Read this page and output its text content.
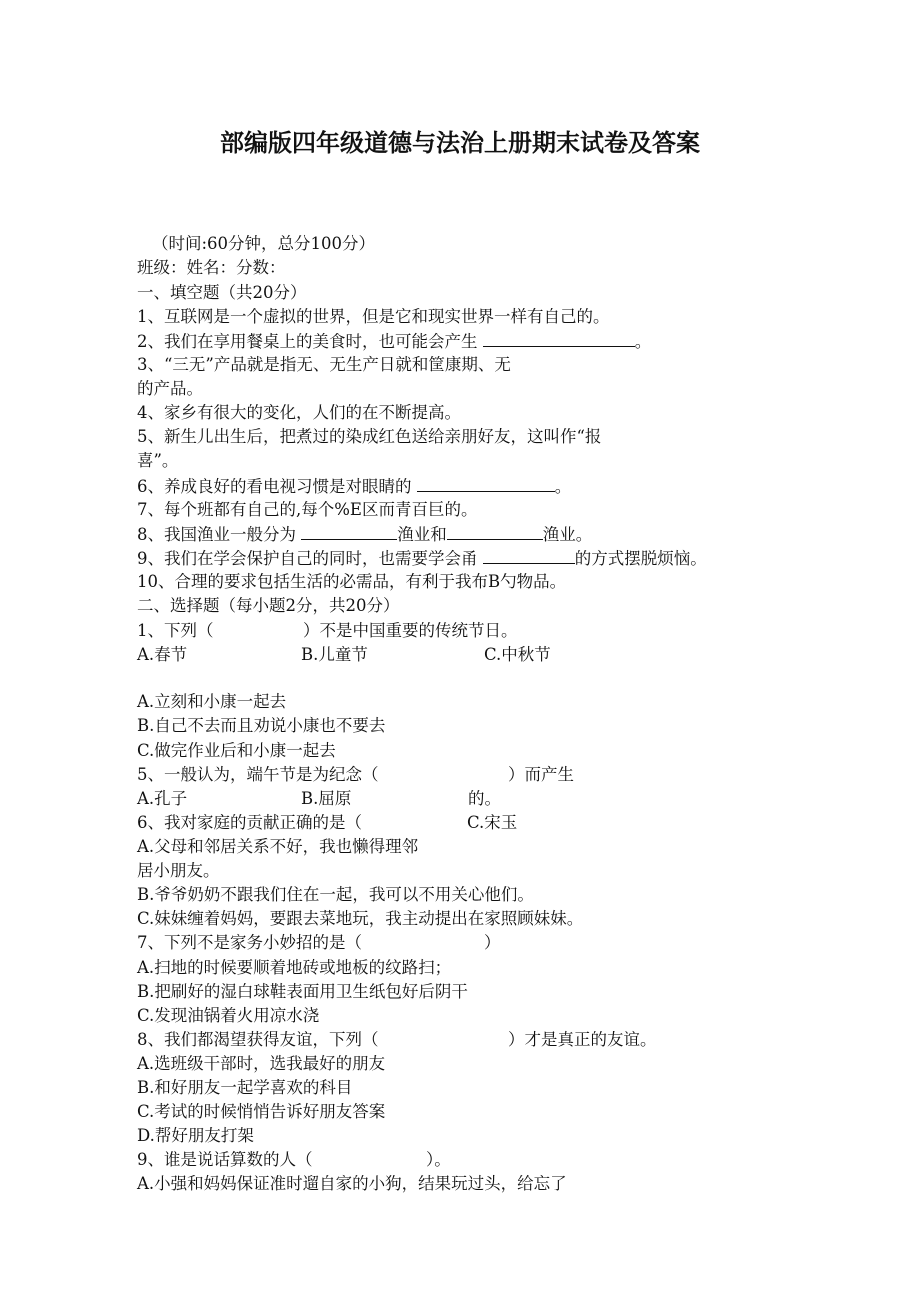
部编版四年级道德与法治上册期末试卷及答案
（时间:60分钟，总分100分）
班级：姓名：分数：
一、填空题（共20分）
1、互联网是一个虚拟的世界，但是它和现实世界一样有自己的。
2、我们在享用餐桌上的美食时，也可能会产生	。
3、“三无”产品就是指无、无生产日就和筐康期、无
的产品。
4、家乡有很大的变化，人们的在不断提高。
5、新生儿出生后，把煮过的染成红色送给亲朋好友，这叫作“报
喜”。
6、养成良好的看电视习惯是对眼睛的	。
7、每个班都有自己的,每个%E区而青百巨的。
8、我国渔业一般分为	渔业和	渔业。
9、我们在学会保护自己的同时，也需要学会甬	的方式摆脱烦恼。
10、合理的要求包括生活的必需品，有利于我布B勺物品。
二、选择题（每小题2分，共20分）
1、下列（	）不是中国重要的传统节日。
A.春节	B.儿童节	C.中秋节
A.立刻和小康一起去
B.自己不去而且劝说小康也不要去
C.做完作业后和小康一起去
5、一般认为，端午节是为纪念（	）而产生
A.孔子	B.屈原	的。
6、我对家庭的贡献正确的是（	C.宋玉
A.父母和邻居关系不好，我也懒得理邻
居小朋友。
B.爷爷奶奶不跟我们住在一起，我可以不用关心他们。
C.妹妹缠着妈妈，要跟去菜地玩，我主动提出在家照顾妹妹。
7、下列不是家务小妙招的是（	）
A.扫地的时候要顺着地砖或地板的纹路扫；
B.把刷好的湿白球鞋表面用卫生纸包好后阴干
C.发现油锅着火用凉水浇
8、我们都渴望获得友谊，下列（	）才是真正的友谊。
A.选班级干部时，选我最好的朋友
B.和好朋友一起学喜欢的科目
C.考试的时候悄悄告诉好朋友答案
D.帮好朋友打架
9、谁是说话算数的人（	）。
A.小强和妈妈保证准时遛自家的小狗，结果玩过头，给忘了
